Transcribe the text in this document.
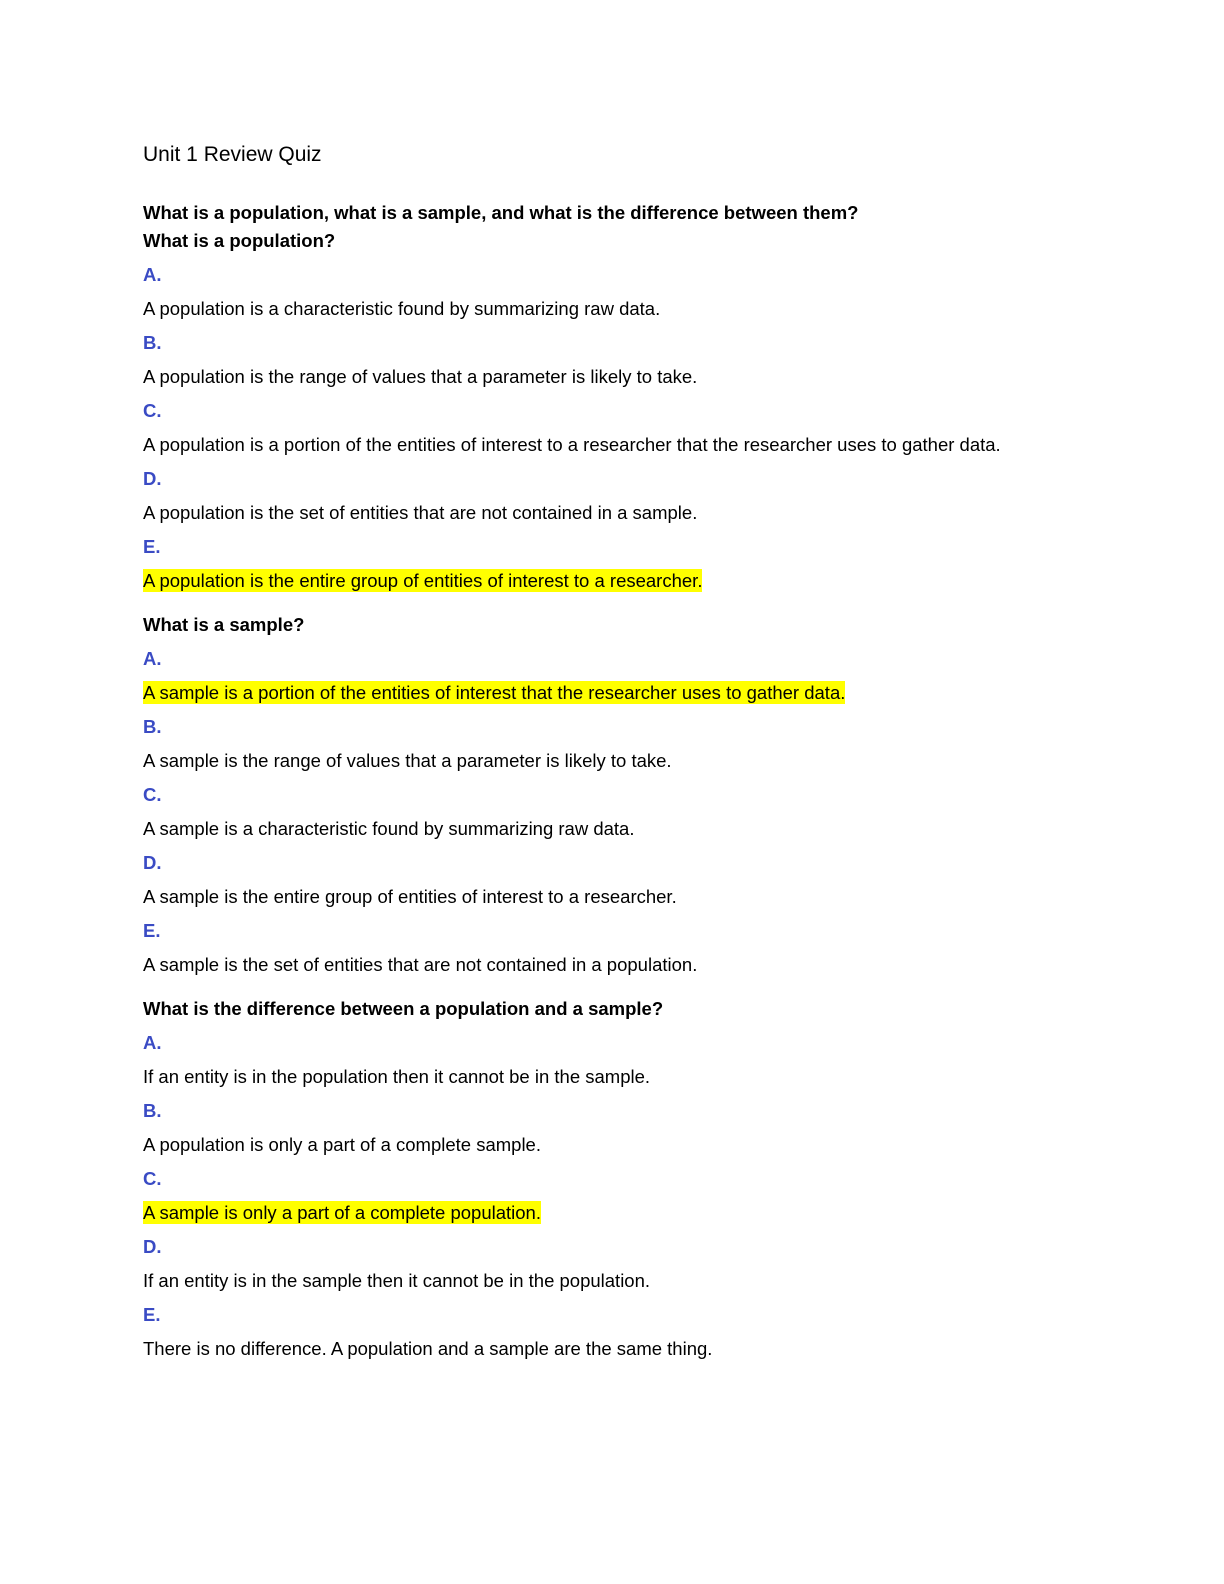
Unit 1 Review Quiz
What is a population, what is a sample, and what is the difference between them?
What is a population?
A.
A population is a characteristic found by summarizing raw data.
B.
A population is the range of values that a parameter is likely to take.
C.
A population is a portion of the entities of interest to a researcher that the researcher uses to gather data.
D.
A population is the set of entities that are not contained in a sample.
E.
A population is the entire group of entities of interest to a researcher.
What is a sample?
A.
A sample is a portion of the entities of interest that the researcher uses to gather data.
B.
A sample is the range of values that a parameter is likely to take.
C.
A sample is a characteristic found by summarizing raw data.
D.
A sample is the entire group of entities of interest to a researcher.
E.
A sample is the set of entities that are not contained in a population.
What is the difference between a population and a sample?
A.
If an entity is in the population then it cannot be in the sample.
B.
A population is only a part of a complete sample.
C.
A sample is only a part of a complete population.
D.
If an entity is in the sample then it cannot be in the population.
E.
There is no difference. A population and a sample are the same thing.
